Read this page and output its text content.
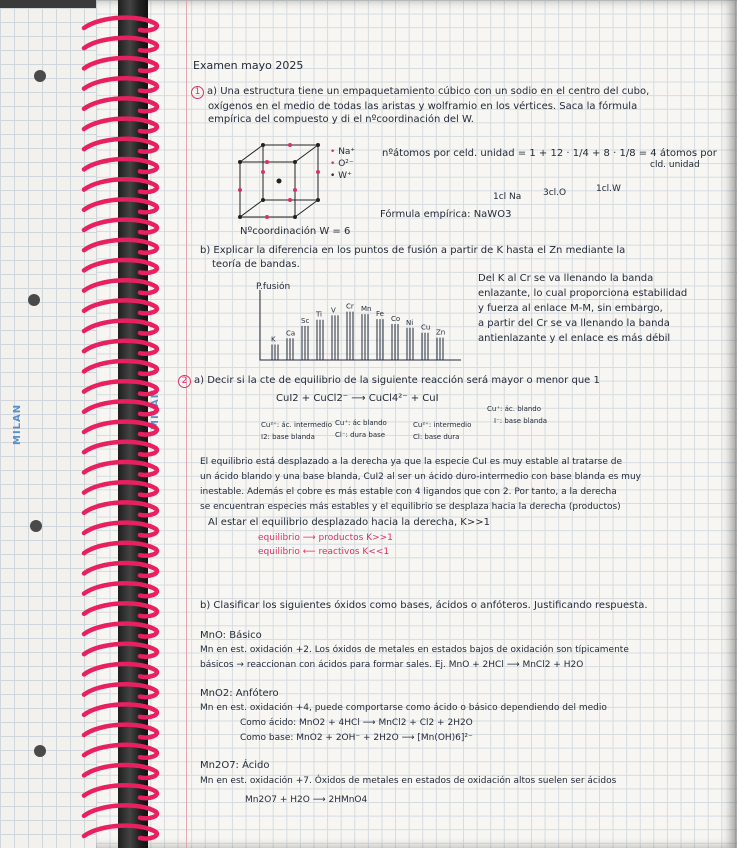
MILAN	MILAN
Examen mayo 2025
1 a) Una estructura tiene un empaquetamiento cúbico con un sodio en el centro del cubo,
oxígenos en el medio de todas las aristas y wolframio en los vértices. Saca la fórmula
empírica del compuesto y di el nºcoordinación del W.
• Na⁺
• O²⁻
• W⁺
nºátomos por celd. unidad = 1 + 12 · 1/4 + 8 · 1/8 = 4 átomos por
cld. unidad
1cl Na 3cl.O	1cl.W
Fórmula empírica: NaWO3
Nºcoordinación W = 6
b) Explicar la diferencia en los puntos de fusión a partir de K hasta el Zn mediante la
teoría de bandas.
P.fusión
K
Ca
Sc
Ti
V Cr Mn
Fe
Co Ni
Cu
Zn
Del K al Cr se va llenando la banda
enlazante, lo cual proporciona estabilidad
y fuerza al enlace M-M, sin embargo,
a partir del Cr se va llenando la banda
antienlazante y el enlace es más débil
2 a) Decir si la cte de equilibrio de la siguiente reacción será mayor o menor que 1
CuI2 + CuCl2⁻ ⟶ CuCl4²⁻ + CuI
Cu²⁺: ác. intermedio
I2: base blanda
Cu⁺: ác blando
Cl⁻: dura base
Cu²⁺: intermedio
Cl: base dura
Cu⁺: ác. blando
I⁻: base blanda
El equilibrio está desplazado a la derecha ya que la especie CuI es muy estable al tratarse de
un ácido blando y una base blanda, CuI2 al ser un ácido duro-intermedio con base blanda es muy
inestable. Además el cobre es más estable con 4 ligandos que con 2. Por tanto, a la derecha
se encuentran especies más estables y el equilibrio se desplaza hacia la derecha (productos)
Al estar el equilibrio desplazado hacia la derecha, K>>1
equilibrio ⟶ productos K>>1
equilibrio ⟵ reactivos K<<1
b) Clasificar los siguientes óxidos como bases, ácidos o anfóteros. Justificando respuesta.
MnO: Básico
Mn en est. oxidación +2. Los óxidos de metales en estados bajos de oxidación son típicamente
básicos → reaccionan con ácidos para formar sales. Ej. MnO + 2HCl ⟶ MnCl2 + H2O
MnO2: Anfótero
Mn en est. oxidación +4, puede comportarse como ácido o básico dependiendo del medio
Como ácido: MnO2 + 4HCl ⟶ MnCl2 + Cl2 + 2H2O
Como base: MnO2 + 2OH⁻ + 2H2O ⟶ [Mn(OH)6]²⁻
Mn2O7: Ácido
Mn en est. oxidación +7. Óxidos de metales en estados de oxidación altos suelen ser ácidos
Mn2O7 + H2O ⟶ 2HMnO4
